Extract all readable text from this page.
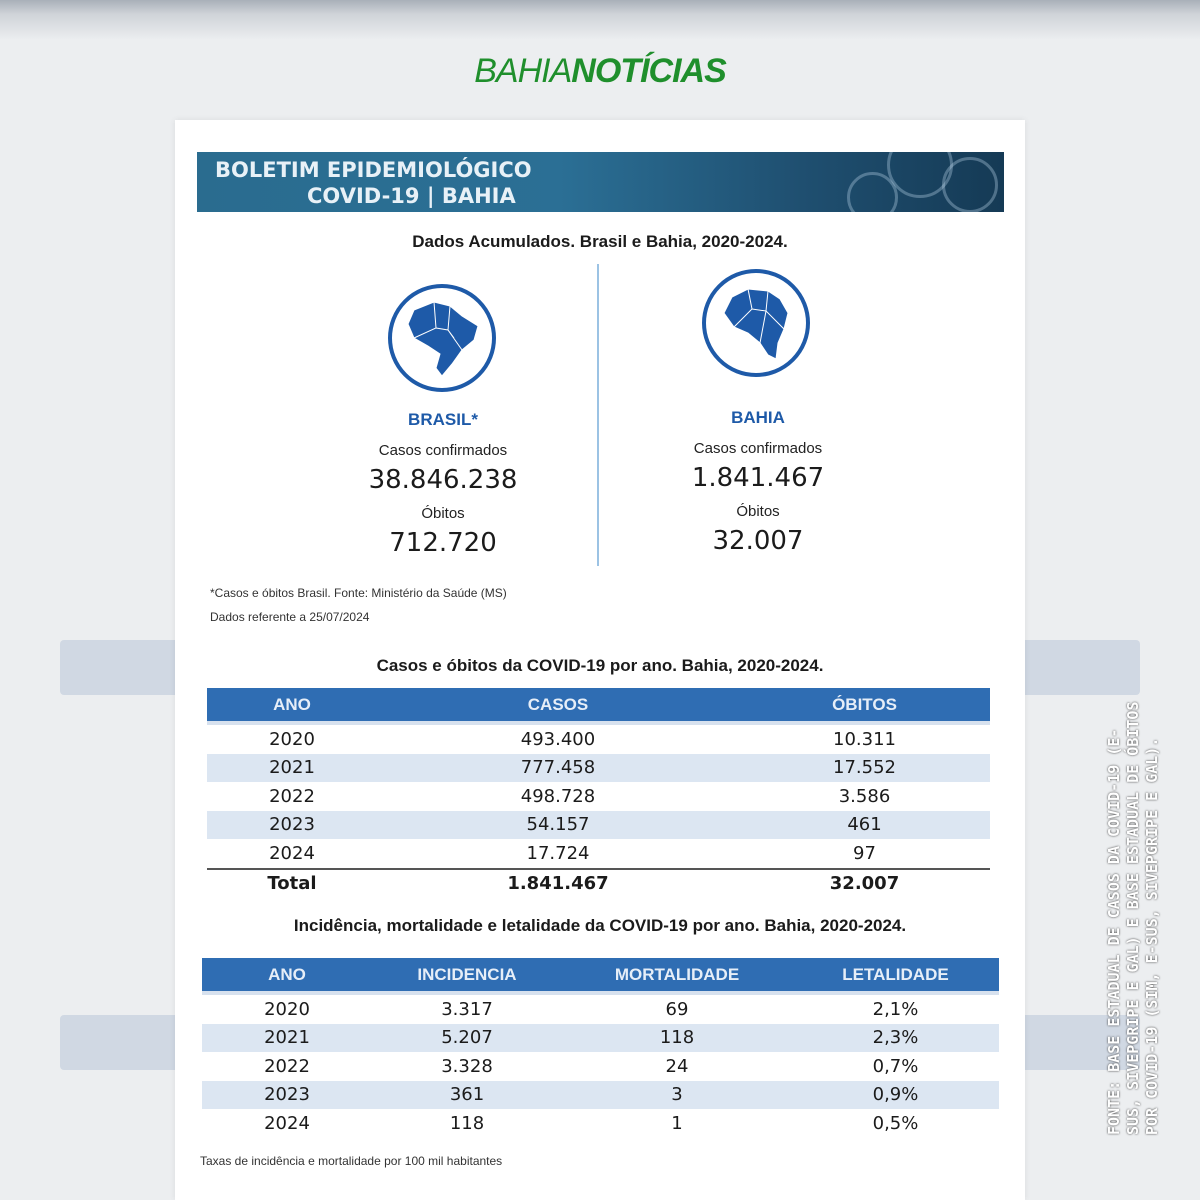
BAHIANOTÍCIAS
BOLETIM EPIDEMIOLÓGICO
COVID-19 | BAHIA
Dados Acumulados. Brasil e Bahia, 2020-2024.
BRASIL*
Casos confirmados
38.846.238
Óbitos
712.720
BAHIA
Casos confirmados
1.841.467
Óbitos
32.007
*Casos e óbitos Brasil. Fonte: Ministério da Saúde (MS)
Dados referente a 25/07/2024
Casos e óbitos da COVID-19 por ano. Bahia, 2020-2024.
ANO	CASOS	ÓBITOS
2020	493.400	10.311
2021	777.458	17.552
2022	498.728	3.586
2023	54.157	461
2024	17.724	97
Total	1.841.467	32.007
Incidência, mortalidade e letalidade da COVID-19 por ano. Bahia, 2020-2024.
ANO	INCIDENCIA	MORTALIDADE	LETALIDADE
2020	3.317	69	2,1%
2021	5.207	118	2,3%
2022	3.328	24	0,7%
2023	361	3	0,9%
2024	118	1	0,5%
Taxas de incidência e mortalidade por 100 mil habitantes
FONTE: BASE ESTADUAL DE CASOS DA COVID-19 (E-SUS, SIVEPGRIPE E GAL) E BASE ESTADUAL DE ÓBITOS POR COVID-19 (SIM, E-SUS, SIVEPGRIPE E GAL).
